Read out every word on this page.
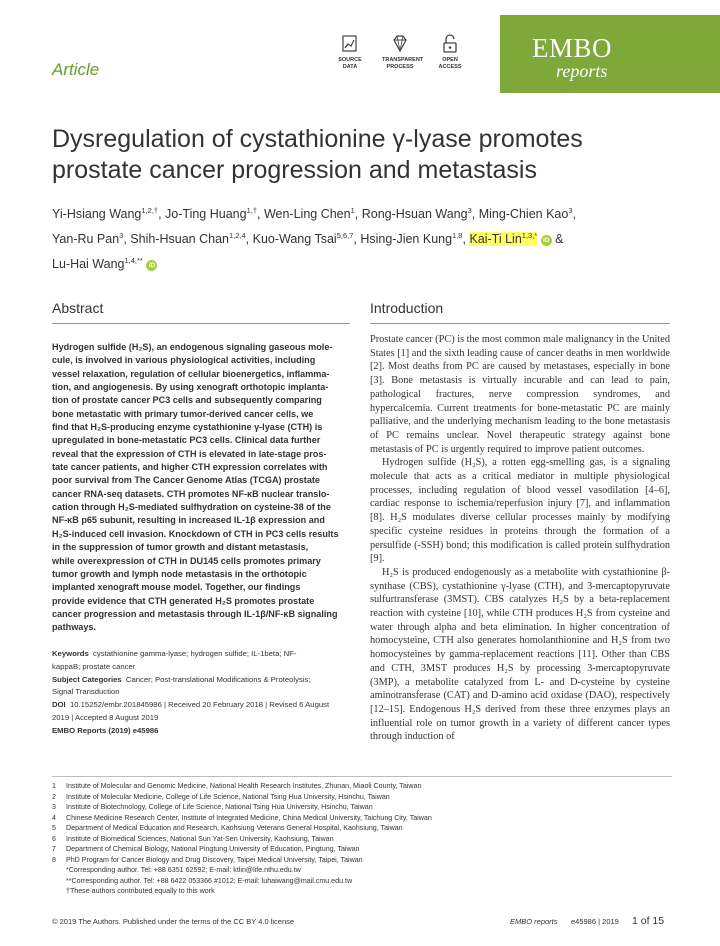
Article	SOURCE
DATA
TRANSPARENT
PROCESS
OPEN
ACCESS
EMBO
reports
Dysregulation of cystathionine γ-lyase promotes
prostate cancer progression and metastasis
Yi-Hsiang Wang$^{1,2,\dagger}$, Jo-Ting Huang$^{1,\dagger}$, Wen-Ling Chen$^1$, Rong-Hsuan Wang$^3$, Ming-Chien Kao$^3$,
Yan-Ru Pan$^3$, Shih-Hsuan Chan$^{1,2,4}$, Kuo-Wang Tsai$^{5,6,7}$, Hsing-Jien Kung$^{1,8}$, Kai-Ti Lin$^{1,3,*}$ iD &
Lu-Hai Wang$^{1,4,**}$ iD
Abstract	Introduction
Hydrogen sulfide (H₂S), an endogenous signaling gaseous mole-
cule, is involved in various physiological activities, including
vessel relaxation, regulation of cellular bioenergetics, inflamma-
tion, and angiogenesis. By using xenograft orthotopic implanta-
tion of prostate cancer PC3 cells and subsequently comparing
bone metastatic with primary tumor-derived cancer cells, we
find that H₂S-producing enzyme cystathionine γ-lyase (CTH) is
upregulated in bone-metastatic PC3 cells. Clinical data further
reveal that the expression of CTH is elevated in late-stage pros-
tate cancer patients, and higher CTH expression correlates with
poor survival from The Cancer Genome Atlas (TCGA) prostate
cancer RNA-seq datasets. CTH promotes NF-κB nuclear translo-
cation through H₂S-mediated sulfhydration on cysteine-38 of the
NF-κB p65 subunit, resulting in increased IL-1β expression and
H₂S-induced cell invasion. Knockdown of CTH in PC3 cells results
in the suppression of tumor growth and distant metastasis,
while overexpression of CTH in DU145 cells promotes primary
tumor growth and lymph node metastasis in the orthotopic
implanted xenograft mouse model. Together, our findings
provide evidence that CTH generated H₂S promotes prostate
cancer progression and metastasis through IL-1β/NF-κB signaling
pathways.
Keywords cystathionine gamma-lyase; hydrogen sulfide; IL-1beta; NF-
kappaB; prostate cancer
Subject Categories Cancer; Post-translational Modifications & Proteolysis;
Signal Transduction
DOI 10.15252/embr.201845986 | Received 20 February 2018 | Revised 6 August
2019 | Accepted 8 August 2019
EMBO Reports (2019) e45986

Prostate cancer (PC) is the most common male malignancy in the United States [1] and the sixth leading cause of cancer deaths in men worldwide [2]. Most deaths from PC are caused by metastases, especially in bone [3]. Bone metastasis is virtually incurable and can lead to pain, pathological fractures, nerve compression syndromes, and hypercalcemia. Current treatments for bone-metastatic PC are mainly palliative, and the underlying mechanism leading to the bone metastasis of PC remains unclear. Novel therapeutic strategy against bone metastasis of PC is urgently required to improve patient outcomes.

Hydrogen sulfide (H₂S), a rotten egg-smelling gas, is a signaling molecule that acts as a critical mediator in multiple physiological processes, including regulation of blood vessel vasodilation [4–6], cardiac response to ischemia/reperfusion injury [7], and inflammation [8]. H₂S modulates diverse cellular processes mainly by modifying specific cysteine residues in proteins through the formation of a persulfide (-SSH) bond; this modification is called protein sulfhydration [9].

H₂S is produced endogenously as a metabolite with cystathionine β-synthase (CBS), cystathionine γ-lyase (CTH), and 3-mercaptopyruvate sulfurtransferase (3MST). CBS catalyzes H₂S by a beta-replacement reaction with cysteine [10], while CTH produces H₂S from cysteine and water through alpha and beta elimination. In higher concentration of homocysteine, CTH also generates homolanthionine and H₂S from two homocysteines by gamma-replacement reactions [11]. Other than CBS and CTH, 3MST produces H₂S by processing 3-mercaptopyruvate (3MP), a metabolite catalyzed from L- and D-cysteine by cysteine aminotransferase (CAT) and D-amino acid oxidase (DAO), respectively [12–15]. Endogenous H₂S derived from these three enzymes plays an influential role on tumor growth in a variety of different cancer types through induction of

1	Institute of Molecular and Genomic Medicine, National Health Research Institutes, Zhunan, Miaoli County, Taiwan
2	Institute of Molecular Medicine, College of Life Science, National Tsing Hua University, Hsinchu, Taiwan
3	Institute of Biotechnology, College of Life Science, National Tsing Hua University, Hsinchu, Taiwan
4	Chinese Medicine Research Center, Institute of Integrated Medicine, China Medical University, Taichung City, Taiwan
5	Department of Medical Education and Research, Kaohsiung Veterans General Hospital, Kaohsiung, Taiwan
6	Institute of Biomedical Sciences, National Sun Yat-Sen University, Kaohsiung, Taiwan
7	Department of Chemical Biology, National Pingtung University of Education, Pingtung, Taiwan
8	PhD Program for Cancer Biology and Drug Discovery, Taipei Medical University, Taipei, Taiwan
*Corresponding author. Tel: +88 6351 62592; E-mail: ktlin@life.nthu.edu.tw
**Corresponding author. Tel: +88 6422 053366 #1012; E-mail: luhaiwang@mail.cmu.edu.tw
†These authors contributed equally to this work
© 2019 The Authors. Published under the terms of the CC BY 4.0 license	EMBO reports e45986 | 2019 1 of 15
